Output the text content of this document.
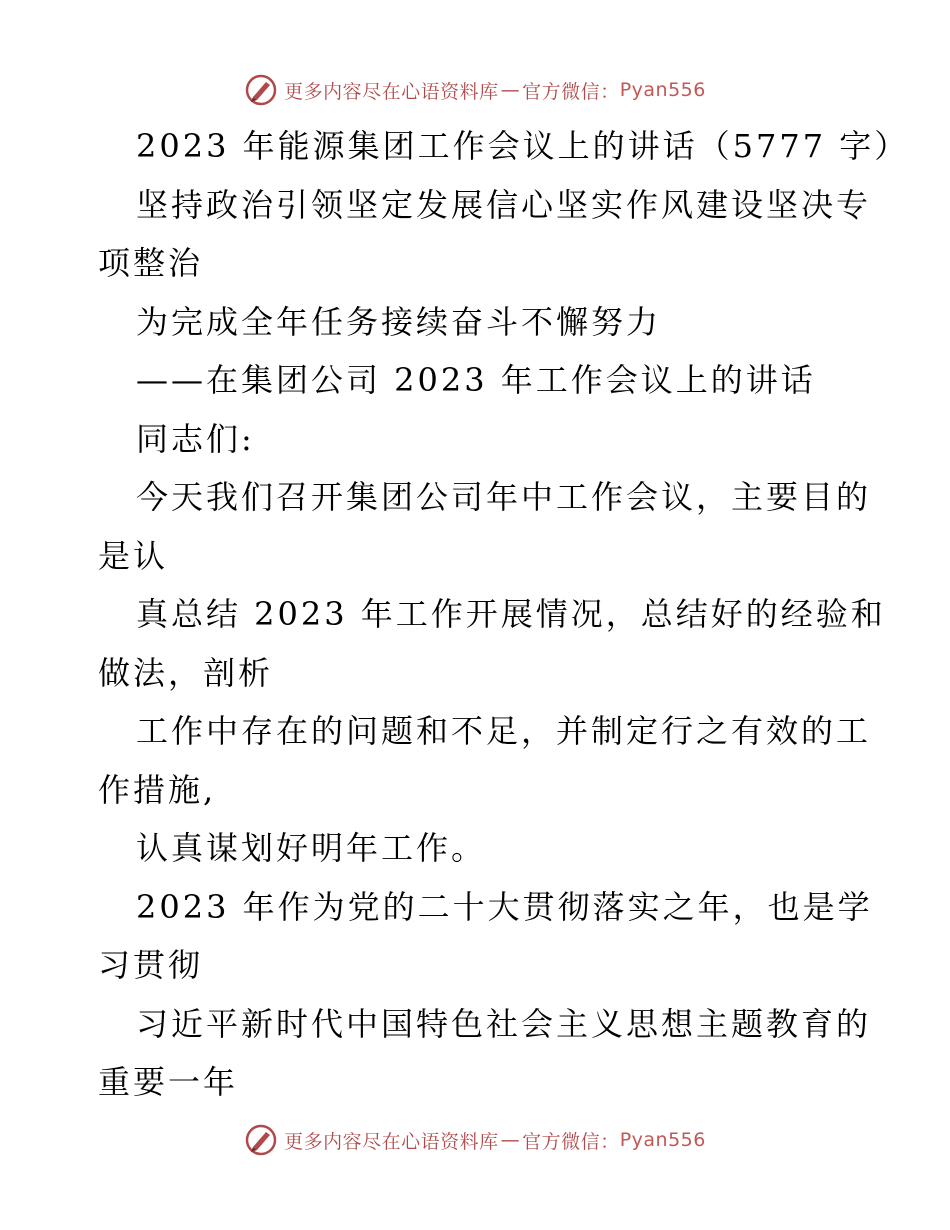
更多内容尽在心语资料库 — 官方微信： Pyan556
2023 年能源集团工作会议上的讲话（5777 字）
坚持政治引领坚定发展信心坚实作风建设坚决专
项整治
为完成全年任务接续奋斗不懈努力
——在集团公司 2023 年工作会议上的讲话
同志们:
今天我们召开集团公司年中工作会议，主要目的
是认
真总结 2023 年工作开展情况，总结好的经验和
做法，剖析
工作中存在的问题和不足，并制定行之有效的工
作措施,
认真谋划好明年工作。
2023 年作为党的二十大贯彻落实之年，也是学
习贯彻
习近平新时代中国特色社会主义思想主题教育的
重要一年
更多内容尽在心语资料库 — 官方微信： Pyan556
